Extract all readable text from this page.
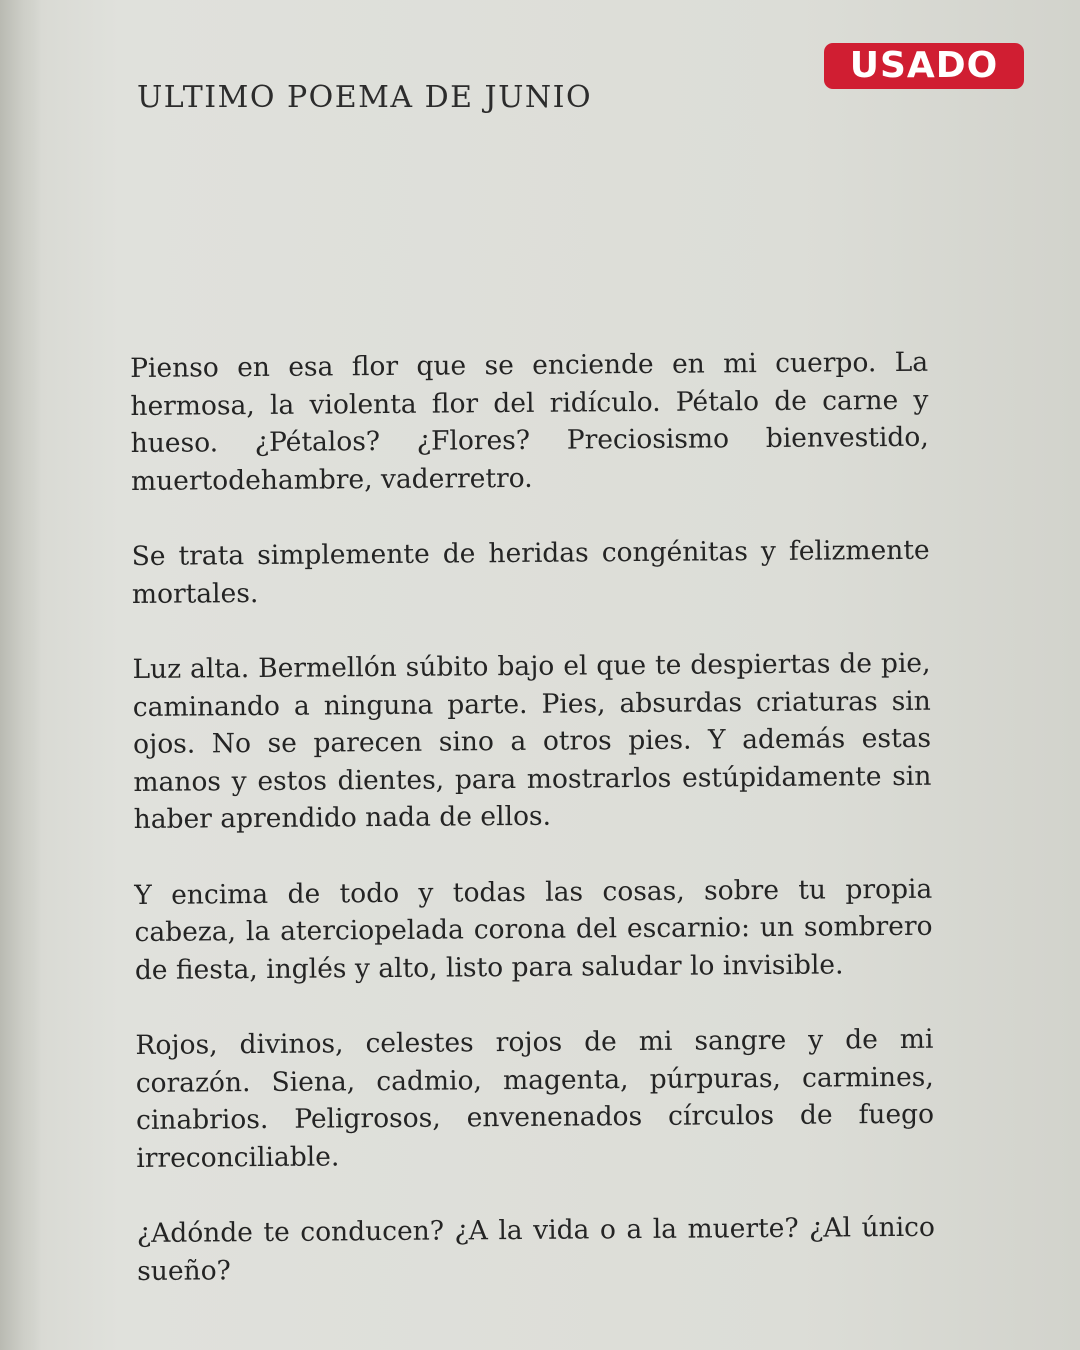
USADO
ULTIMO POEMA DE JUNIO

Pienso en esa flor que se enciende en mi cuerpo. La hermosa, la violenta flor del ridículo. Pétalo de carne y hueso. ¿Pétalos? ¿Flores? Preciosismo bienvestido, muertodehambre, vaderretro.

Se trata simplemente de heridas congénitas y felizmente mortales.

Luz alta. Bermellón súbito bajo el que te despiertas de pie, caminando a ninguna parte. Pies, absurdas criaturas sin ojos. No se parecen sino a otros pies. Y además estas manos y estos dientes, para mostrarlos estúpidamente sin haber aprendido nada de ellos.

Y encima de todo y todas las cosas, sobre tu propia cabeza, la aterciopelada corona del escarnio: un sombrero de fiesta, inglés y alto, listo para saludar lo invisible.

Rojos, divinos, celestes rojos de mi sangre y de mi corazón. Siena, cadmio, magenta, púrpuras, carmines, cinabrios. Peligrosos, envenenados círculos de fuego irreconciliable.

¿Adónde te conducen? ¿A la vida o a la muerte? ¿Al único sueño?
